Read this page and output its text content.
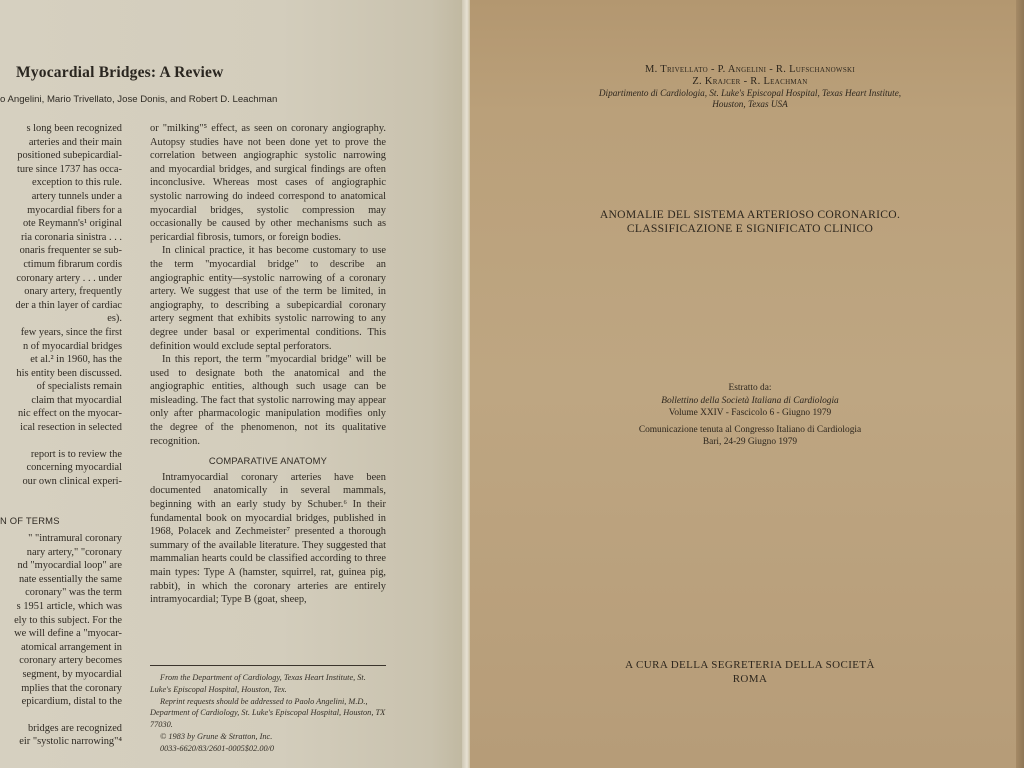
Myocardial Bridges: A Review

o Angelini, Mario Trivellato, Jose Donis, and Robert D. Leachman

s long been recognized
arteries and their main
positioned subepicardial-
ture since 1737 has occa-
exception to this rule.
artery tunnels under a
myocardial fibers for a
ote Reymann's¹ original
ria coronaria sinistra . . .
onaris frequenter se sub-
ctimum fibrarum cordis
coronary artery . . . under
onary artery, frequently
der a thin layer of cardiac
es).
few years, since the first
n of myocardial bridges
et al.² in 1960, has the
his entity been discussed.
of specialists remain
claim that myocardial
nic effect on the myocar-
ical resection in selected
report is to review the
concerning myocardial
our own clinical experi-
N OF TERMS
" "intramural coronary
nary artery," "coronary
nd "myocardial loop" are
nate essentially the same
coronary" was the term
s 1951 article, which was
ely to this subject. For the
we will define a "myocar-
atomical arrangement in
coronary artery becomes
segment, by myocardial
mplies that the coronary
epicardium, distal to the
bridges are recognized
eir "systolic narrowing"⁴

or "milking"⁵ effect, as seen on coronary angiography. Autopsy studies have not been done yet to prove the correlation between angiographic systolic narrowing and myocardial bridges, and surgical findings are often inconclusive. Whereas most cases of angiographic systolic narrowing do indeed correspond to anatomical myocardial bridges, systolic compression may occasionally be caused by other mechanisms such as pericardial fibrosis, tumors, or foreign bodies.

In clinical practice, it has become customary to use the term "myocardial bridge" to describe an angiographic entity—systolic narrowing of a coronary artery. We suggest that use of the term be limited, in angiography, to describing a subepicardial coronary artery segment that exhibits systolic narrowing to any degree under basal or experimental conditions. This definition would exclude septal perforators.

In this report, the term "myocardial bridge" will be used to designate both the anatomical and the angiographic entities, although such usage can be misleading. The fact that systolic narrowing may appear only after pharmacologic manipulation modifies only the degree of the phenomenon, not its qualitative recognition.

COMPARATIVE ANATOMY

Intramyocardial coronary arteries have been documented anatomically in several mammals, beginning with an early study by Schuber.⁶ In their fundamental book on myocardial bridges, published in 1968, Polacek and Zechmeister⁷ presented a thorough summary of the available literature. They suggested that mammalian hearts could be classified according to three main types: Type A (hamster, squirrel, rat, guinea pig, rabbit), in which the coronary arteries are entirely intramyocardial; Type B (goat, sheep,

From the Department of Cardiology, Texas Heart Institute, St. Luke's Episcopal Hospital, Houston, Tex.

Reprint requests should be addressed to Paolo Angelini, M.D., Department of Cardiology, St. Luke's Episcopal Hospital, Houston, TX 77030.

© 1983 by Grune & Stratton, Inc.

0033-6620/83/2601-0005$02.00/0

M. Trivellato - P. Angelini - R. Lufschanowski
Z. Krajcer - R. Leachman
Dipartimento di Cardiologia, St. Luke's Episcopal Hospital, Texas Heart Institute,
Houston, Texas USA
ANOMALIE DEL SISTEMA ARTERIOSO CORONARICO.
CLASSIFICAZIONE E SIGNIFICATO CLINICO
Estratto da:
Bollettino della Società Italiana di Cardiologia
Volume XXIV - Fascicolo 6 - Giugno 1979
Comunicazione tenuta al Congresso Italiano di Cardiologia
Bari, 24-29 Giugno 1979
A CURA DELLA SEGRETERIA DELLA SOCIETÀ
ROMA
